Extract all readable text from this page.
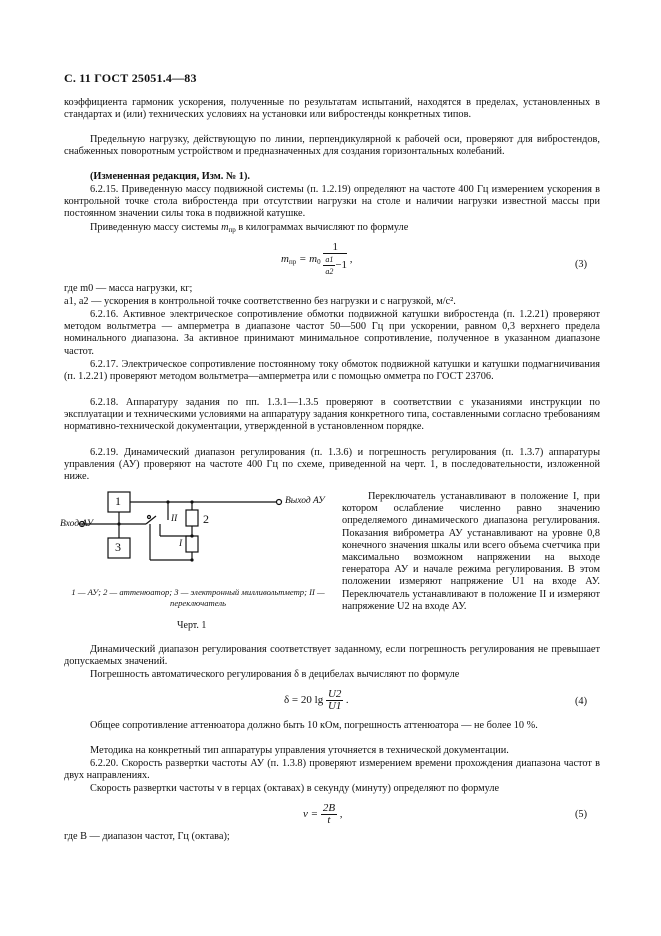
С. 11 ГОСТ 25051.4—83
коэффициента гармоник ускорения, полученные по результатам испытаний, находятся в пределах, установленных в стандартах и (или) технических условиях на установки или вибростенды конкретных типов.
Предельную нагрузку, действующую по линии, перпендикулярной к рабочей оси, проверяют для вибростендов, снабженных поворотным устройством и предназначенных для создания горизонтальных колебаний.
(Измененная редакция, Изм. № 1).
6.2.15. Приведенную массу подвижной системы (п. 1.2.19) определяют на частоте 400 Гц измерением ускорения в контрольной точке стола вибростенда при отсутствии нагрузки на столе и наличии нагрузки известной массы при постоянном значении силы тока в подвижной катушке.
Приведенную массу системы $m_{пр}$ в килограммах вычисляют по формуле
$m_{пр} = m_0 \frac{1}{\frac{a1}{a2} -1}$ ,	(3)
где m0 — масса нагрузки, кг;
a1, a2 — ускорения в контрольной точке соответственно без нагрузки и с нагрузкой, м/с².
6.2.16. Активное электрическое сопротивление обмотки подвижной катушки вибростенда (п. 1.2.21) проверяют методом вольтметра — амперметра в диапазоне частот 50—500 Гц при ускорении, равном 0,3 верхнего предела номинального диапазона. За активное принимают минимальное сопротивление, полученное в указанном диапазоне частот.
6.2.17. Электрическое сопротивление постоянному току обмоток подвижной катушки и катушки подмагничивания (п. 1.2.21) проверяют методом вольтметра—амперметра или с помощью омметра по ГОСТ 23706.
6.2.18. Аппаратуру задания по пп. 1.3.1—1.3.5 проверяют в соответствии с указаниями инструкции по эксплуатации и техническими условиями на аппаратуру задания конкретного типа, составленными согласно требованиям нормативно-технической документации, утвержденной в установленном порядке.
6.2.19. Динамический диапазон регулирования (п. 1.3.6) и погрешность регулирования (п. 1.3.7) аппаратуры управления (АУ) проверяют на частоте 400 Гц по схеме, приведенной на черт. 1, в последовательности, изложенной ниже.
1
2
3	I
II
Вход АУ
Выход АУ
1 — АУ; 2 — аттенюатор; 3 — электронный милливольтметр; II — переключатель
Черт. 1
Переключатель устанавливают в положение I, при котором ослабление численно равно значению определяемого динамического диапазона регулирования. Показания виброметра АУ устанавливают на уровне 0,8 конечного значения шкалы или всего объема счетчика при максимально возможном напряжении на выходе генератора АУ и начале режима регулирования. В этом положении измеряют напряжение U1 на входе АУ. Переключатель устанавливают в положение II и измеряют напряжение U2 на входе АУ.
Динамический диапазон регулирования соответствует заданному, если погрешность регулирования не превышает допускаемых значений.
Погрешность автоматического регулирования δ в децибелах вычисляют по формуле
δ = 20 $\lg \frac{U2}{U1}$ .	(4)
Общее сопротивление аттенюатора должно быть 10 кОм, погрешность аттенюатора — не более 10 %.
Методика на конкретный тип аппаратуры управления уточняется в технической документации.
6.2.20. Скорость развертки частоты АУ (п. 1.3.8) проверяют измерением времени прохождения диапазона частот в двух направлениях.
Скорость развертки частоты v в герцах (октавах) в секунду (минуту) определяют по формуле
$v = \frac{2B}{t}$ ,	(5)
где B — диапазон частот, Гц (октава);
